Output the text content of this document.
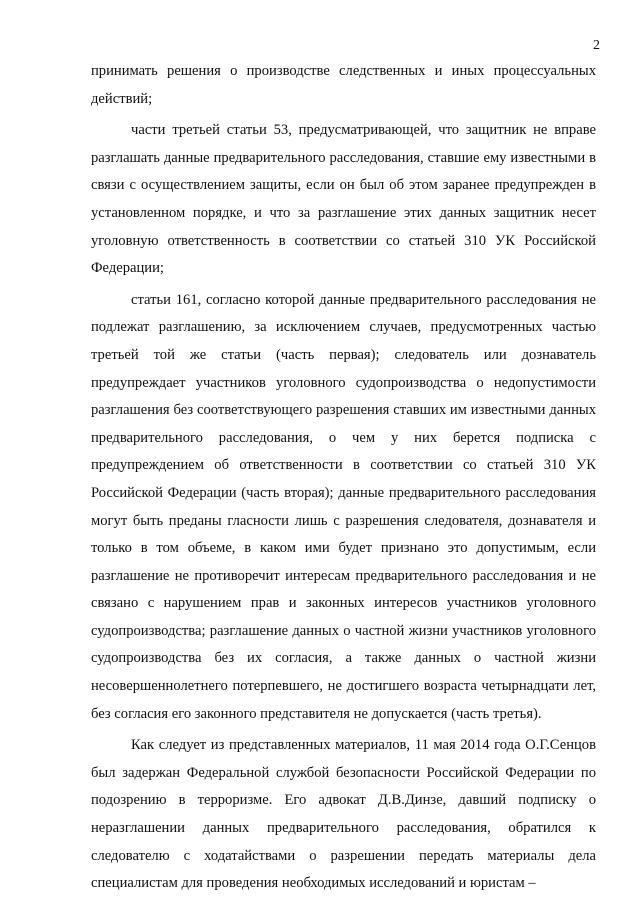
2

принимать решения о производстве следственных и иных процессуальных действий;

части третьей статьи 53, предусматривающей, что защитник не вправе разглашать данные предварительного расследования, ставшие ему известными в связи с осуществлением защиты, если он был об этом заранее предупрежден в установленном порядке, и что за разглашение этих данных защитник несет уголовную ответственность в соответствии со статьей 310 УК Российской Федерации;

статьи 161, согласно которой данные предварительного расследования не подлежат разглашению, за исключением случаев, предусмотренных частью третьей той же статьи (часть первая); следователь или дознаватель предупреждает участников уголовного судопроизводства о недопустимости разглашения без соответствующего разрешения ставших им известными данных предварительного расследования, о чем у них берется подписка с предупреждением об ответственности в соответствии со статьей 310 УК Российской Федерации (часть вторая); данные предварительного расследования могут быть преданы гласности лишь с разрешения следователя, дознавателя и только в том объеме, в каком ими будет признано это допустимым, если разглашение не противоречит интересам предварительного расследования и не связано с нарушением прав и законных интересов участников уголовного судопроизводства; разглашение данных о частной жизни участников уголовного судопроизводства без их согласия, а также данных о частной жизни несовершеннолетнего потерпевшего, не достигшего возраста четырнадцати лет, без согласия его законного представителя не допускается (часть третья).

Как следует из представленных материалов, 11 мая 2014 года О.Г.Сенцов был задержан Федеральной службой безопасности Российской Федерации по подозрению в терроризме. Его адвокат Д.В.Динзе, давший подписку о неразглашении данных предварительного расследования, обратился к следователю с ходатайствами о разрешении передать материалы дела специалистам для проведения необходимых исследований и юристам –
